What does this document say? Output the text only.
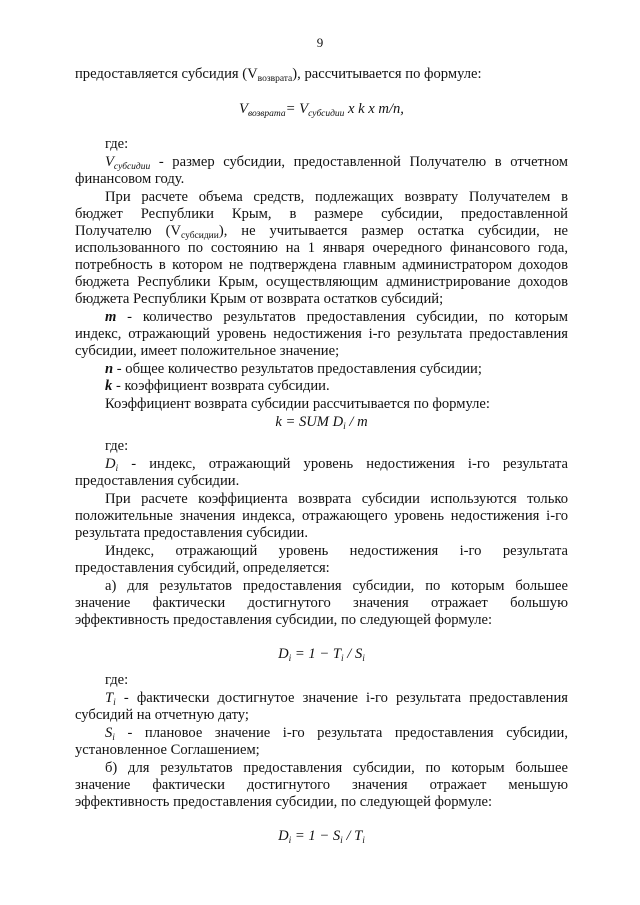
9
предоставляется субсидия $(V_{возврата})$, рассчитывается по формуле:
$V_{возврата}= V_{субсидии}$ x k x m/n,
где:
$V_{субсидии}$ - размер субсидии, предоставленной Получателю в отчетном
финансовом году.
При расчете объема средств, подлежащих возврату Получателем в
бюджет Республики Крым, в размере субсидии, предоставленной
Получателю $(V_{субсидии})$, не учитывается размер остатка субсидии, не
использованного по состоянию на 1 января очередного финансового года,
потребность в котором не подтверждена главным администратором доходов
бюджета Республики Крым, осуществляющим администрирование доходов
бюджета Республики Крым от возврата остатков субсидий;
m - количество результатов предоставления субсидии, по которым
индекс, отражающий уровень недостижения i-го результата предоставления
субсидии, имеет положительное значение;
n - общее количество результатов предоставления субсидии;
k - коэффициент возврата субсидии.
Коэффициент возврата субсидии рассчитывается по формуле:
k = SUM $D_i$ / m
где:
$D_i$ - индекс, отражающий уровень недостижения i-го результата
предоставления субсидии.
При расчете коэффициента возврата субсидии используются только
положительные значения индекса, отражающего уровень недостижения i-го
результата предоставления субсидии.
Индекс, отражающий уровень недостижения i-го результата
предоставления субсидий, определяется:
а) для результатов предоставления субсидии, по которым большее
значение фактически достигнутого значения отражает большую
эффективность предоставления субсидии, по следующей формуле:
$D_i = 1 - T_i / S_i$
где:
$T_i$ - фактически достигнутое значение i-го результата предоставления
субсидий на отчетную дату;
$S_i$ - плановое значение i-го результата предоставления субсидии,
установленное Соглашением;
б) для результатов предоставления субсидии, по которым большее
значение фактически достигнутого значения отражает меньшую
эффективность предоставления субсидии, по следующей формуле:
$D_i = 1 - S_i / T_i$
